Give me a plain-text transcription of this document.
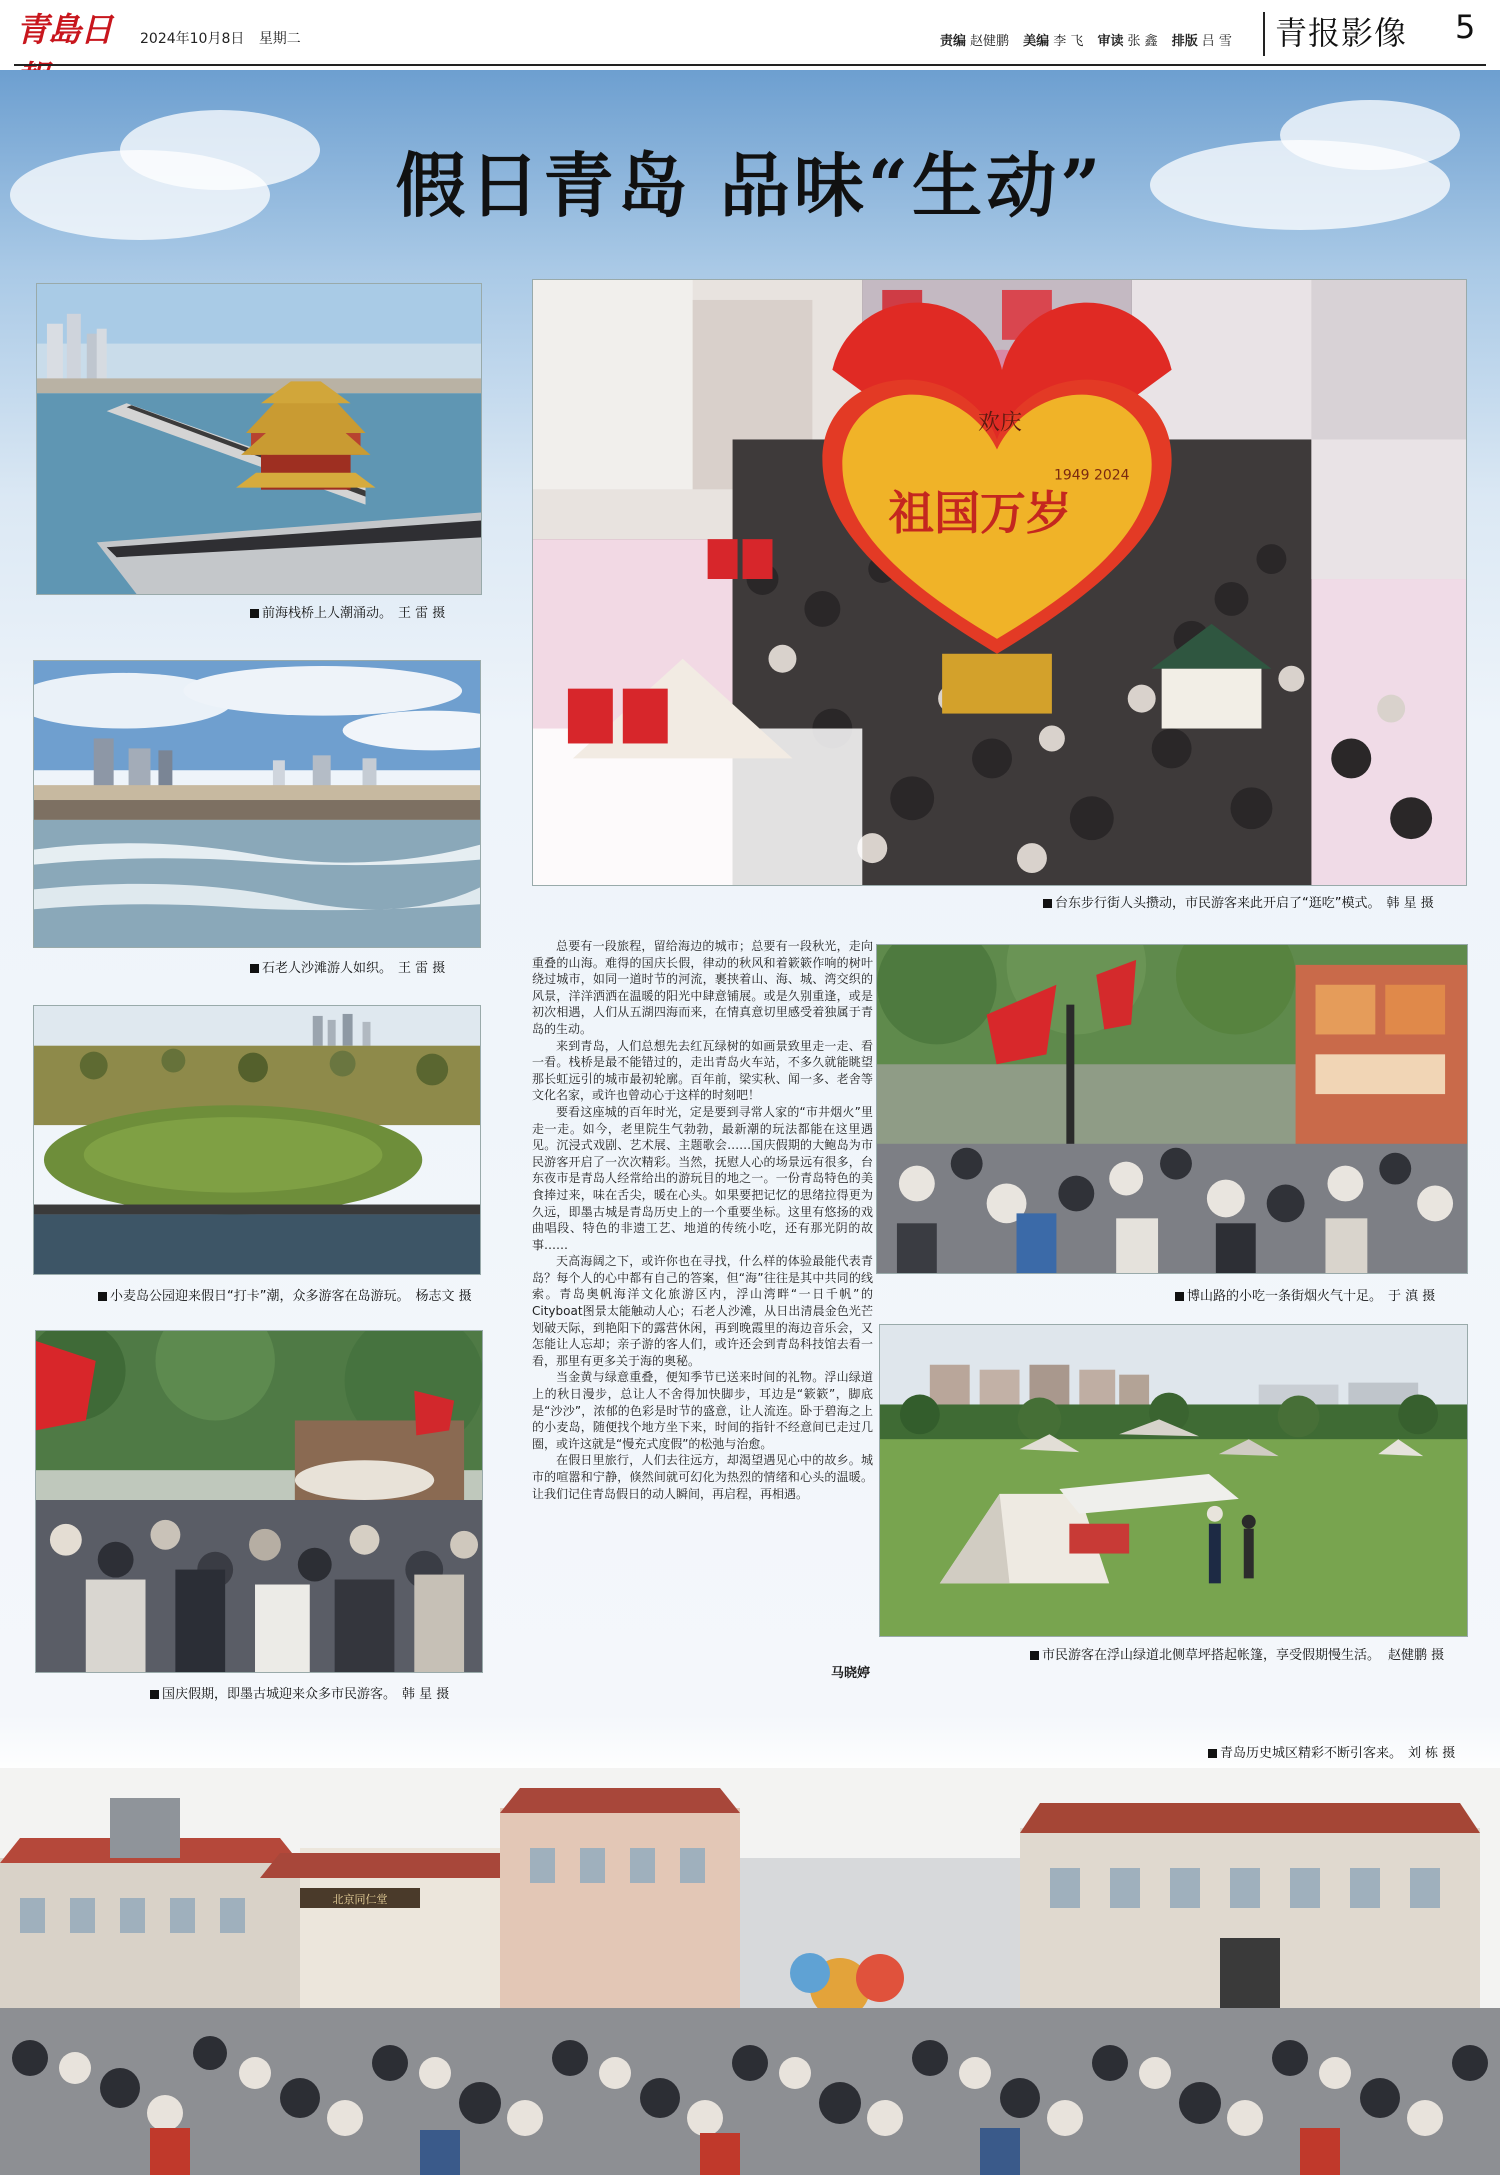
青島日	2024年10月8日 星期二	责编 赵健鹏 美编 李 飞 审读 张 鑫 排版 吕 雪	青报影像	5
假日青岛 品味“生动”
前海栈桥上人潮涌动。 王 雷 摄
石老人沙滩游人如织。 王 雷 摄
小麦岛公园迎来假日“打卡”潮，众多游客在岛游玩。 杨志文 摄
国庆假期，即墨古城迎来众多市民游客。 韩 星 摄
欢庆
祖国万岁
1949 2024
台东步行街人头攒动，市民游客来此开启了“逛吃”模式。 韩 星 摄

总要有一段旅程，留给海边的城市；总要有一段秋光，走向重叠的山海。难得的国庆长假，律动的秋风和着簌簌作响的树叶绕过城市，如同一道时节的河流，裹挟着山、海、城、湾交织的风景，洋洋洒洒在温暖的阳光中肆意铺展。或是久别重逢，或是初次相遇，人们从五湖四海而来，在情真意切里感受着独属于青岛的生动。

来到青岛，人们总想先去红瓦绿树的如画景致里走一走、看一看。栈桥是最不能错过的，走出青岛火车站，不多久就能眺望那长虹远引的城市最初轮廓。百年前，梁实秋、闻一多、老舍等文化名家，或许也曾动心于这样的时刻吧！

要看这座城的百年时光，定是要到寻常人家的“市井烟火”里走一走。如今，老里院生气勃勃，最新潮的玩法都能在这里遇见。沉浸式戏剧、艺术展、主题歌会……国庆假期的大鲍岛为市民游客开启了一次次精彩。当然，抚慰人心的场景远有很多，台东夜市是青岛人经常给出的游玩目的地之一。一份青岛特色的美食捧过来，味在舌尖，暖在心头。如果要把记忆的思绪拉得更为久远，即墨古城是青岛历史上的一个重要坐标。这里有悠扬的戏曲唱段、特色的非遗工艺、地道的传统小吃，还有那光阴的故事……

天高海阔之下，或许你也在寻找，什么样的体验最能代表青岛？每个人的心中都有自己的答案，但“海”往往是其中共同的线索。青岛奥帆海洋文化旅游区内，浮山湾畔“一日千帆”的Cityboat图景太能触动人心；石老人沙滩，从日出清晨金色光芒划破天际，到艳阳下的露营休闲，再到晚霞里的海边音乐会，又怎能让人忘却；亲子游的客人们，或许还会到青岛科技馆去看一看，那里有更多关于海的奥秘。

当金黄与绿意重叠，便知季节已送来时间的礼物。浮山绿道上的秋日漫步，总让人不舍得加快脚步，耳边是“簌簌”，脚底是“沙沙”，浓郁的色彩是时节的盛意，让人流连。卧于碧海之上的小麦岛，随便找个地方坐下来，时间的指针不经意间已走过几圈，或许这就是“慢充式度假”的松弛与治愈。

在假日里旅行，人们去往远方，却渴望遇见心中的故乡。城市的喧嚣和宁静，倏然间就可幻化为热烈的情绪和心头的温暖。让我们记住青岛假日的动人瞬间，再启程，再相遇。

马晓婷
博山路的小吃一条街烟火气十足。 于 滇 摄
市民游客在浮山绿道北侧草坪搭起帐篷，享受假期慢生活。 赵健鹏 摄
青岛历史城区精彩不断引客来。 刘 栋 摄
北京同仁堂
